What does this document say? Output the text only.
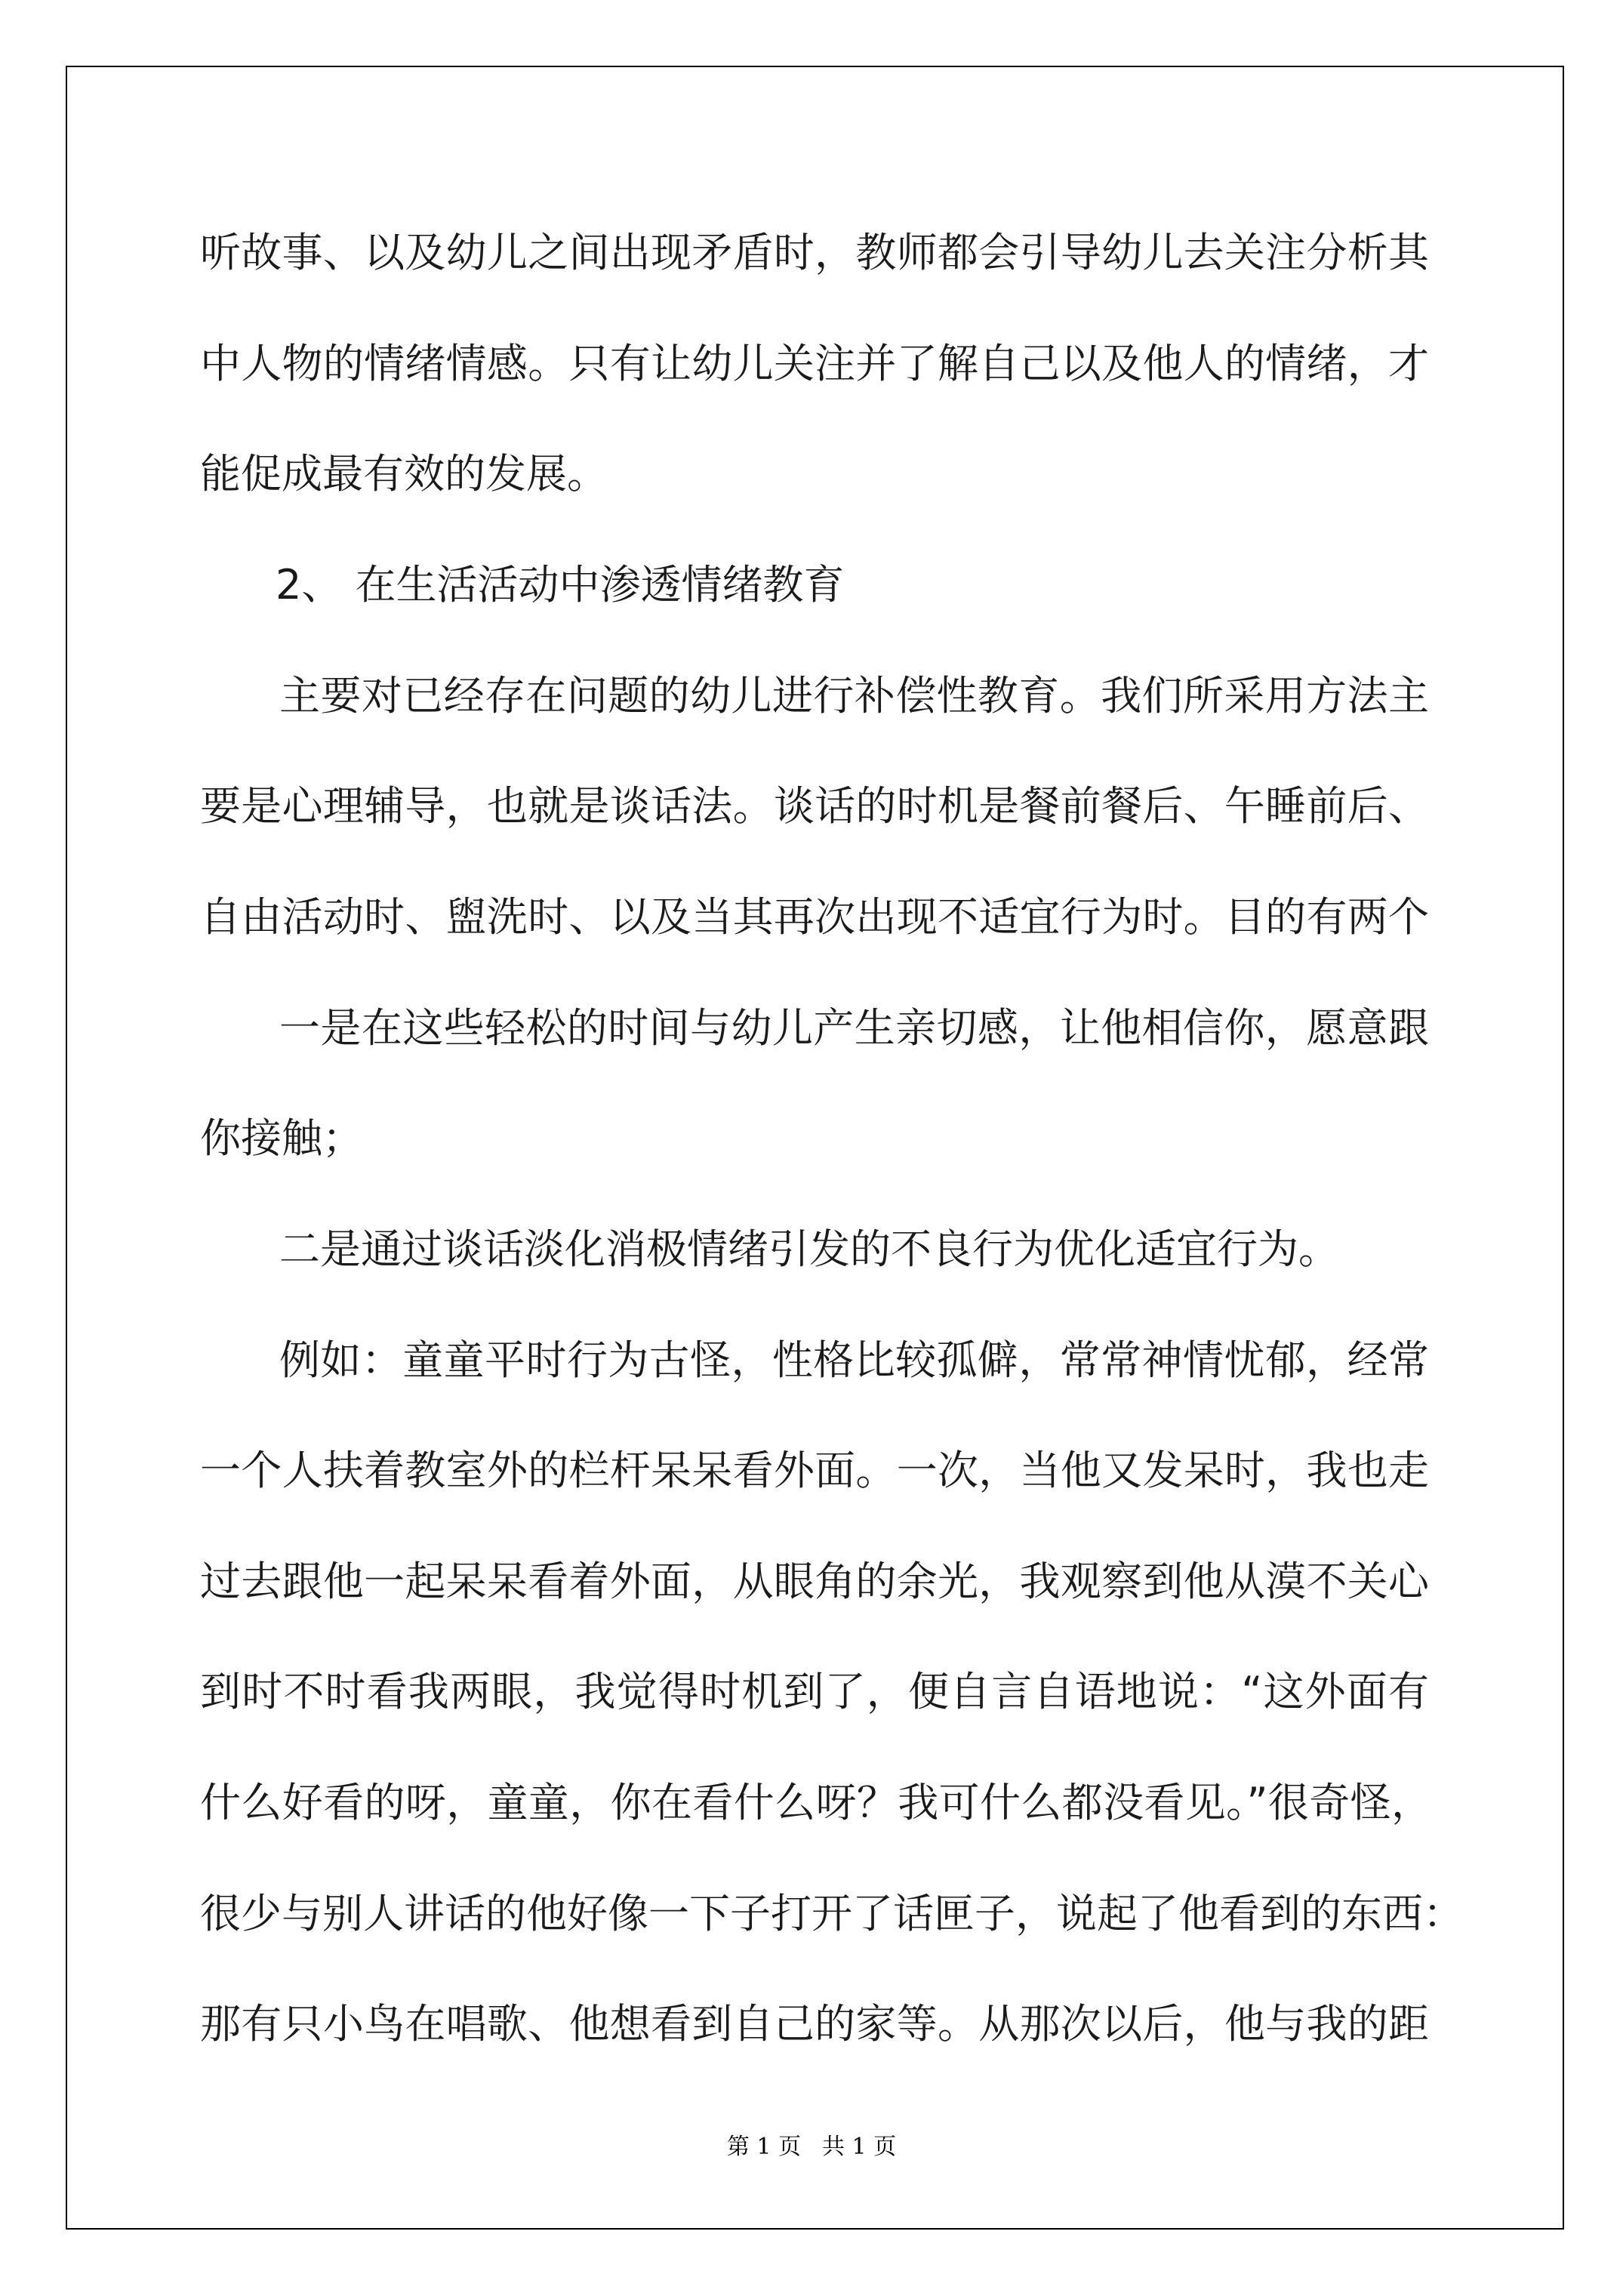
听故事、以及幼儿之间出现矛盾时，教师都会引导幼儿去关注分析其
中人物的情绪情感。只有让幼儿关注并了解自己以及他人的情绪，才
能促成最有效的发展。
2、 在生活活动中渗透情绪教育
主要对已经存在问题的幼儿进行补偿性教育。我们所采用方法主
要是心理辅导，也就是谈话法。谈话的时机是餐前餐后、午睡前后、
自由活动时、盥洗时、以及当其再次出现不适宜行为时。目的有两个
一是在这些轻松的时间与幼儿产生亲切感，让他相信你，愿意跟
你接触；
二是通过谈话淡化消极情绪引发的不良行为优化适宜行为。
例如：童童平时行为古怪，性格比较孤僻，常常神情忧郁，经常
一个人扶着教室外的栏杆呆呆看外面。一次，当他又发呆时，我也走
过去跟他一起呆呆看着外面，从眼角的余光，我观察到他从漠不关心
到时不时看我两眼，我觉得时机到了，便自言自语地说：“这外面有
什么好看的呀，童童，你在看什么呀？我可什么都没看见。”很奇怪，
很少与别人讲话的他好像一下子打开了话匣子，说起了他看到的东西：
那有只小鸟在唱歌、他想看到自己的家等。从那次以后，他与我的距
第 1 页 共 1 页
